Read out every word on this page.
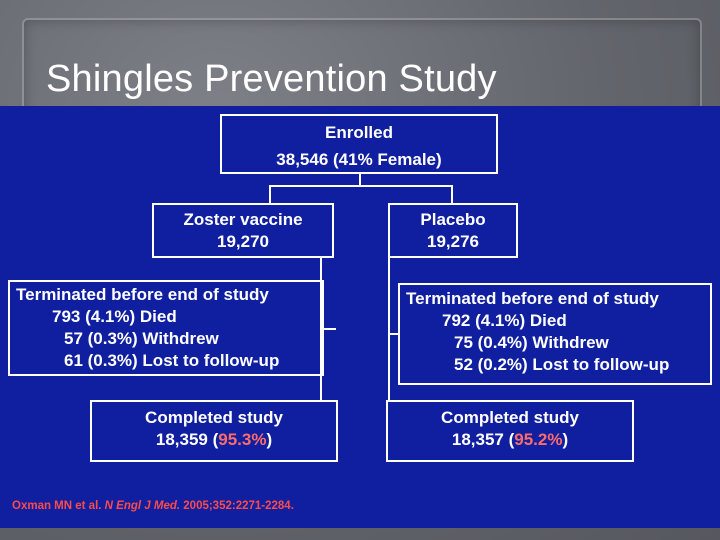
Shingles Prevention Study
Enrolled
38,546 (41% Female)
Zoster vaccine
19,270
Placebo
19,276
Terminated before end of study
793 (4.1%) Died
57 (0.3%) Withdrew
61 (0.3%) Lost to follow-up
Terminated before end of study
792 (4.1%) Died
75 (0.4%) Withdrew
52 (0.2%) Lost to follow-up
Completed study
18,359 (95.3%)
Completed study
18,357 (95.2%)

Oxman MN et al. N Engl J Med. 2005;352:2271-2284.
